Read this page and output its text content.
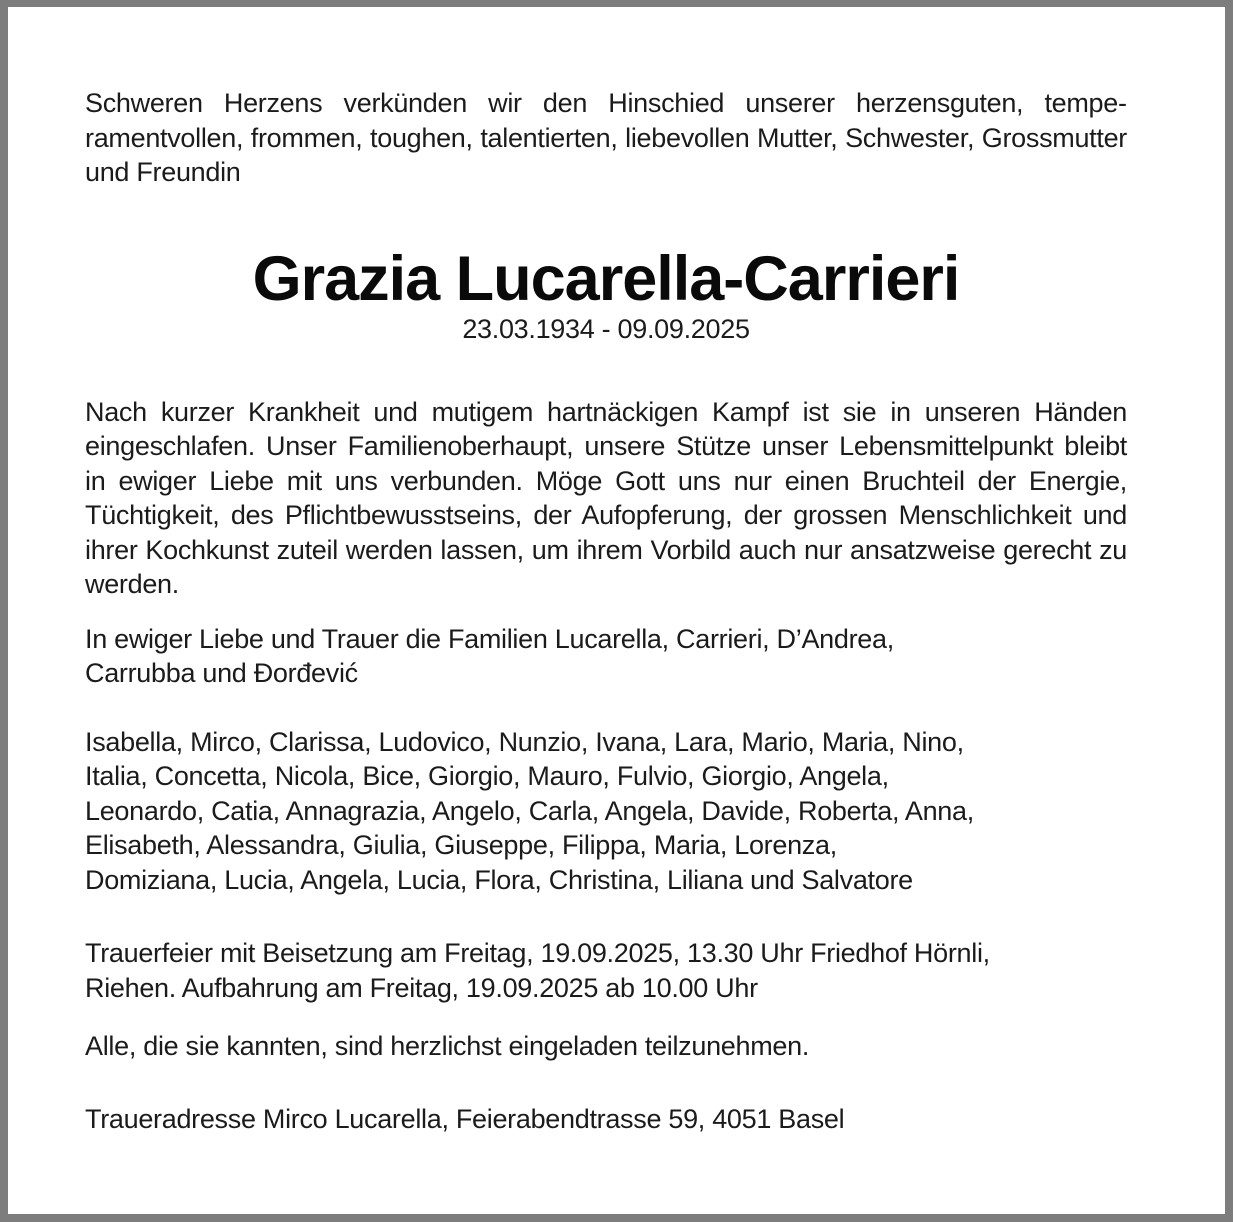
Schweren Herzens verkünden wir den Hinschied unserer herzensguten, temperamentvollen, frommen, toughen, talentierten, liebevollen Mutter, Schwester, Grossmutter und Freundin

Grazia Lucarella-Carrieri

23.03.1934 - 09.09.2025

Nach kurzer Krankheit und mutigem hartnäckigen Kampf ist sie in unseren Händen eingeschlafen. Unser Familienoberhaupt, unsere Stütze unser Lebensmittelpunkt bleibt in ewiger Liebe mit uns verbunden. Möge Gott uns nur einen Bruchteil der Energie, Tüchtigkeit, des Pflichtbewusstseins, der Aufopferung, der grossen Menschlichkeit und ihrer Kochkunst zuteil werden lassen, um ihrem Vorbild auch nur ansatzweise gerecht zu werden.

In ewiger Liebe und Trauer die Familien Lucarella, Carrieri, D’Andrea,

Carrubba und Đorđević

Isabella, Mirco, Clarissa, Ludovico, Nunzio, Ivana, Lara, Mario, Maria, Nino,

Italia, Concetta, Nicola, Bice, Giorgio, Mauro, Fulvio, Giorgio, Angela,

Leonardo, Catia, Annagrazia, Angelo, Carla, Angela, Davide, Roberta, Anna,

Elisabeth, Alessandra, Giulia, Giuseppe, Filippa, Maria, Lorenza,

Domiziana, Lucia, Angela, Lucia, Flora, Christina, Liliana und Salvatore

Trauerfeier mit Beisetzung am Freitag, 19.09.2025, 13.30 Uhr Friedhof Hörnli,

Riehen. Aufbahrung am Freitag, 19.09.2025 ab 10.00 Uhr

Alle, die sie kannten, sind herzlichst eingeladen teilzunehmen.

Traueradresse Mirco Lucarella, Feierabendtrasse 59, 4051 Basel
